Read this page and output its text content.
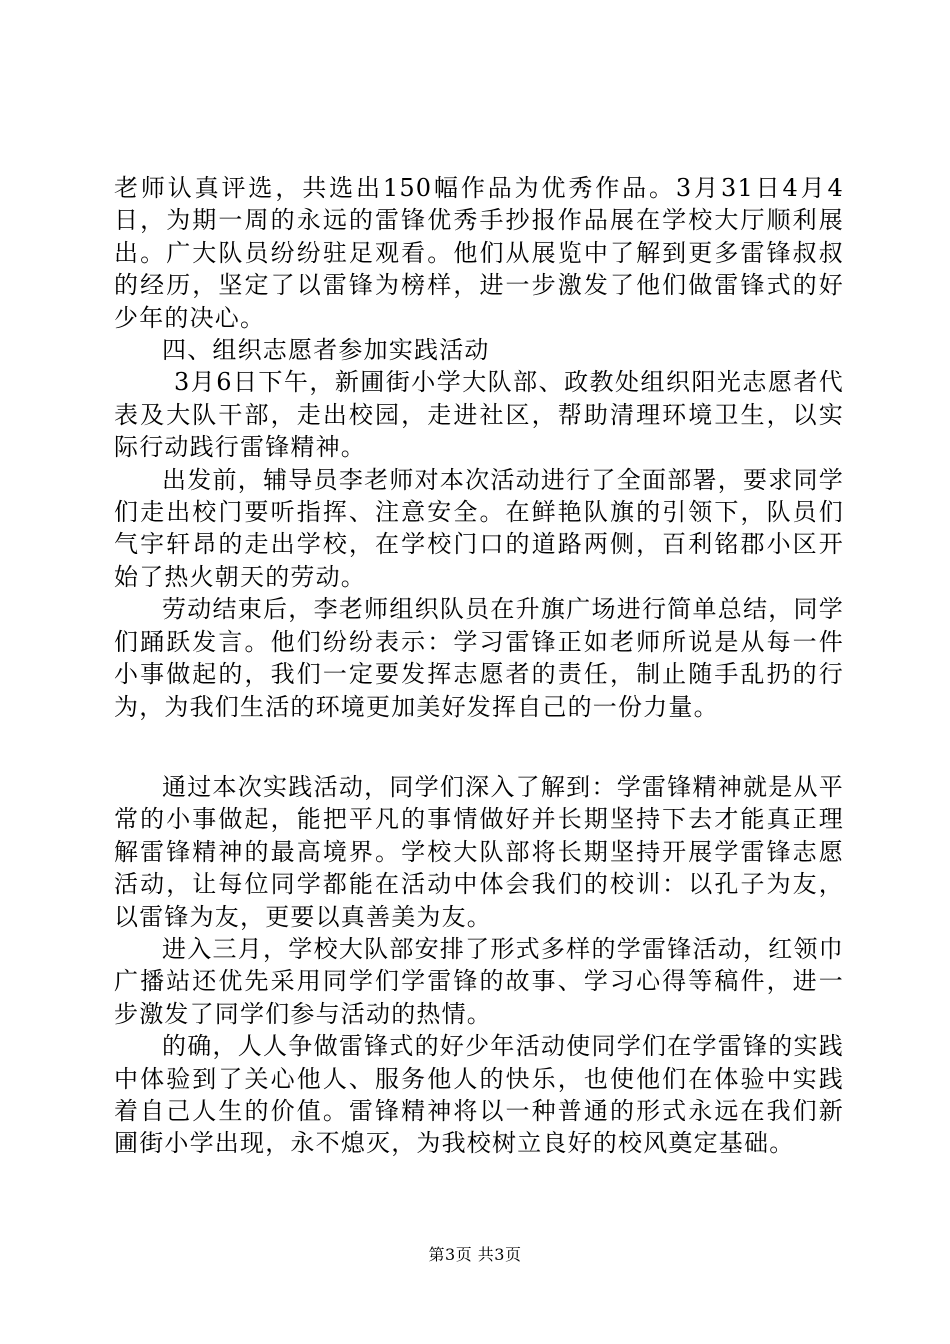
老师认真评选，共选出150幅作品为优秀作品。3月31日4月4日，为期一周的永远的雷锋优秀手抄报作品展在学校大厅顺利展出。广大队员纷纷驻足观看。他们从展览中了解到更多雷锋叔叔的经历，坚定了以雷锋为榜样，进一步激发了他们做雷锋式的好少年的决心。

四、组织志愿者参加实践活动

3月6日下午，新圃街小学大队部、政教处组织阳光志愿者代表及大队干部，走出校园，走进社区，帮助清理环境卫生，以实际行动践行雷锋精神。

出发前，辅导员李老师对本次活动进行了全面部署，要求同学们走出校门要听指挥、注意安全。在鲜艳队旗的引领下，队员们气宇轩昂的走出学校，在学校门口的道路两侧，百利铭郡小区开始了热火朝天的劳动。

劳动结束后，李老师组织队员在升旗广场进行简单总结，同学们踊跃发言。他们纷纷表示：学习雷锋正如老师所说是从每一件小事做起的，我们一定要发挥志愿者的责任，制止随手乱扔的行为，为我们生活的环境更加美好发挥自己的一份力量。

通过本次实践活动，同学们深入了解到：学雷锋精神就是从平常的小事做起，能把平凡的事情做好并长期坚持下去才能真正理解雷锋精神的最高境界。学校大队部将长期坚持开展学雷锋志愿活动，让每位同学都能在活动中体会我们的校训：以孔子为友，以雷锋为友，更要以真善美为友。

进入三月，学校大队部安排了形式多样的学雷锋活动，红领巾广播站还优先采用同学们学雷锋的故事、学习心得等稿件，进一步激发了同学们参与活动的热情。

的确，人人争做雷锋式的好少年活动使同学们在学雷锋的实践中体验到了关心他人、服务他人的快乐，也使他们在体验中实践着自己人生的价值。雷锋精神将以一种普通的形式永远在我们新圃街小学出现，永不熄灭，为我校树立良好的校风奠定基础。

第3页 共3页
